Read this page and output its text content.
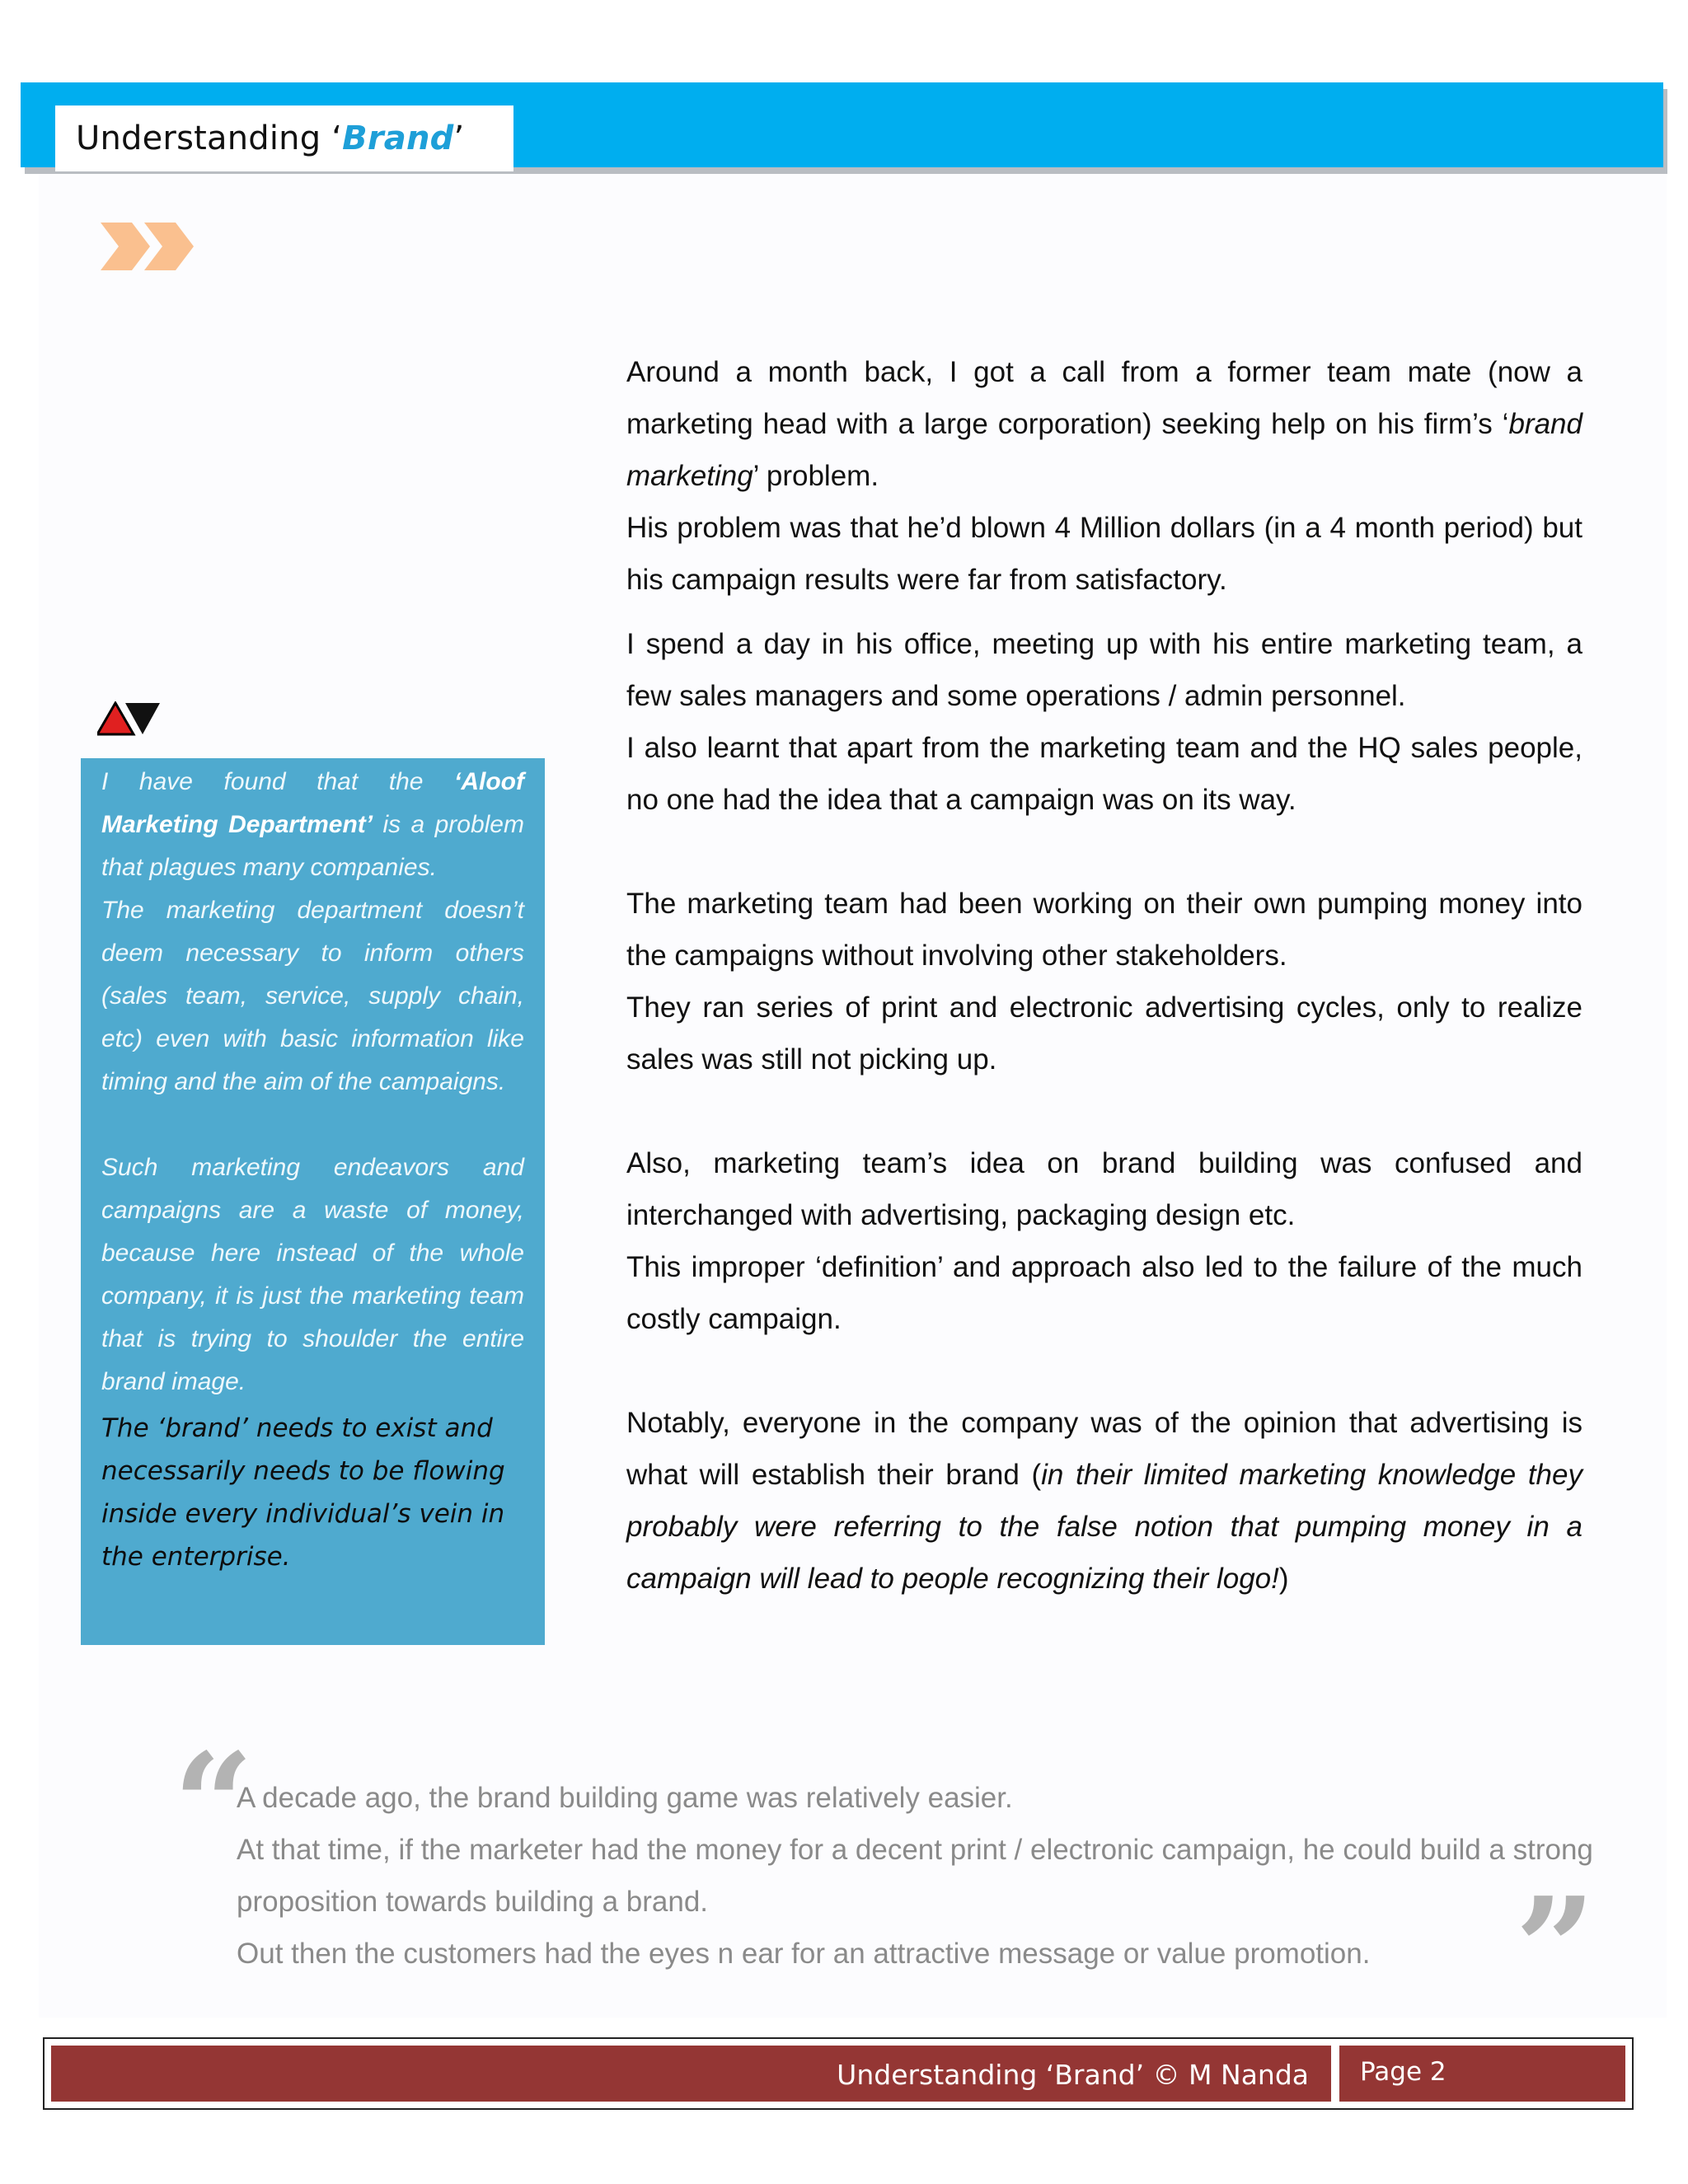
Understanding ‘Brand’

Around a month back, I got a call from a former team mate (now a marketing head with a large corporation) seeking help on his firm’s ‘brand marketing’ problem.

His problem was that he’d blown 4 Million dollars (in a 4 month period) but his campaign results were far from satisfactory.

I spend a day in his office, meeting up with his entire marketing team, a few sales managers and some operations / admin personnel.

I also learnt that apart from the marketing team and the HQ sales people, no one had the idea that a campaign was on its way.

The marketing team had been working on their own pumping money into the campaigns without involving other stakeholders.

They ran series of print and electronic advertising cycles, only to realize sales was still not picking up.

Also, marketing team’s idea on brand building was confused and interchanged with advertising, packaging design etc.

This improper ‘definition’ and approach also led to the failure of the much costly campaign.

Notably, everyone in the company was of the opinion that advertising is what will establish their brand (in their limited marketing knowledge they probably were referring to the false notion that pumping money in a campaign will lead to people recognizing their logo!)

I have found that the ‘Aloof Marketing Department’ is a problem that plagues many companies.
The marketing department doesn’t deem necessary to inform others (sales team, service, supply chain, etc) even with basic information like timing and the aim of the campaigns.
Such marketing endeavors and campaigns are a waste of money, because here instead of the whole company, it is just the marketing team that is trying to shoulder the entire brand image.
The ‘brand’ needs to exist and necessarily needs to be flowing inside every individual’s vein in the enterprise.
“
A decade ago, the brand building game was relatively easier.
At that time, if the marketer had the money for a decent print / electronic campaign, he could build a strong proposition towards building a brand.
Out then the customers had the eyes n ear for an attractive message or value promotion.	”
Understanding ‘Brand’ © M Nanda	Page 2
